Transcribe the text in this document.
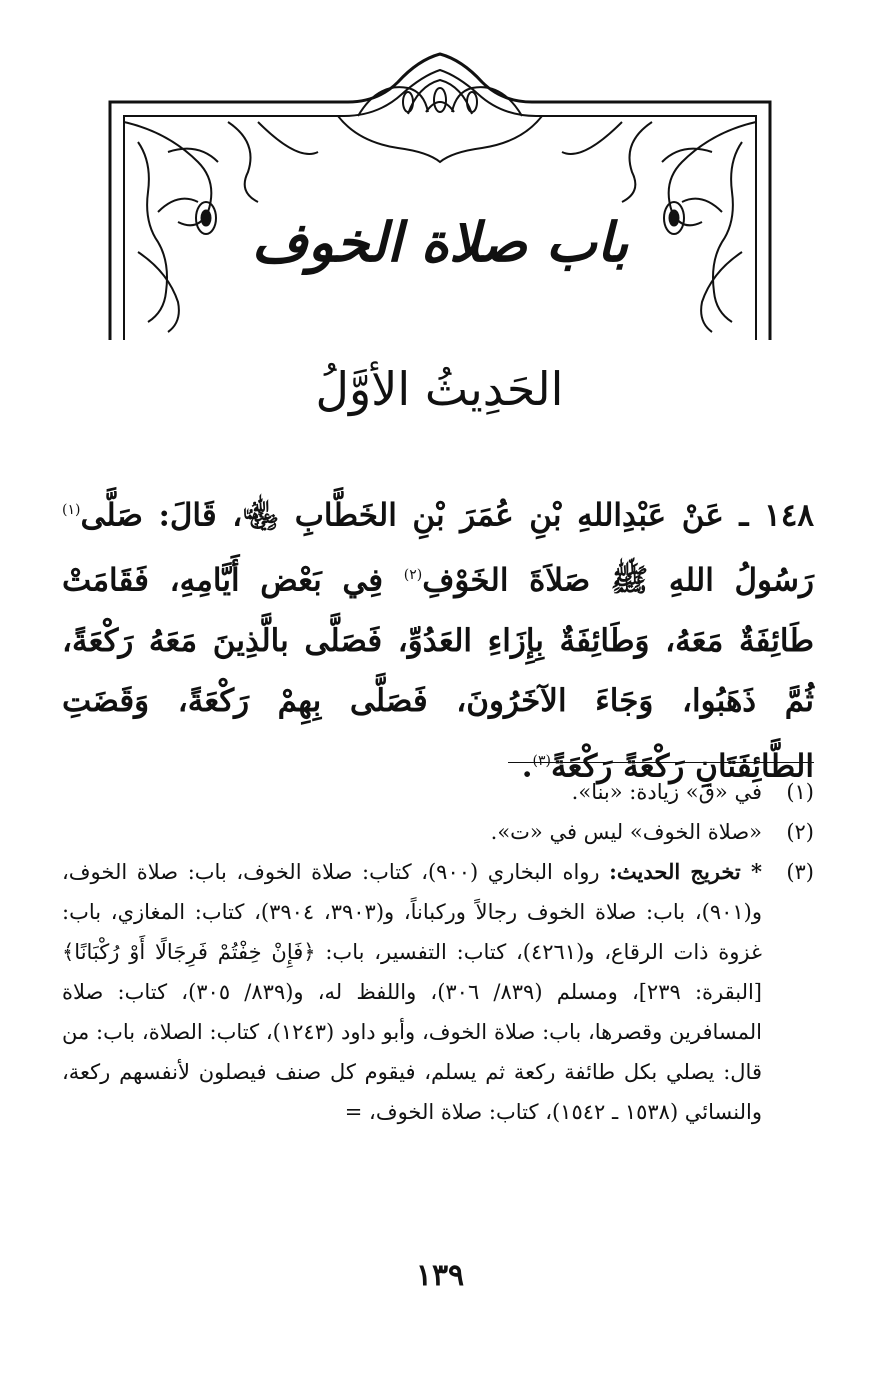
باب صلاة الخوف
الحَدِيثُ الأوَّلُ
١٤٨ ـ عَنْ عَبْدِاللهِ بْنِ عُمَرَ بْنِ الخَطَّابِ ﵄، قَالَ: صَلَّى$^{(١)}$ رَسُولُ اللهِ ﷺ صَلاَةَ الخَوْفِ$^{(٢)}$ فِي بَعْض أَيَّامِهِ، فَقَامَتْ طَائِفَةٌ مَعَهُ، وَطَائِفَةٌ بِإِزَاءِ العَدُوِّ، فَصَلَّى بالَّذِينَ مَعَهُ رَكْعَةً، ثُمَّ ذَهَبُوا، وَجَاءَ الآخَرُونَ، فَصَلَّى بِهِمْ رَكْعَةً، وَقَضَتِ الطَّائِفَتَانِ رَكْعَةً رَكْعَةً$^{(٣)}$.
(١)
في «ق» زيادة: «بنا».
(٢)
«صلاة الخوف» ليس في «ت».
(٣)
* تخريج الحديث: رواه البخاري (٩٠٠)، كتاب: صلاة الخوف، باب: صلاة الخوف، و(٩٠١)، باب: صلاة الخوف رجالاً وركباناً، و(٣٩٠٣، ٣٩٠٤)، كتاب: المغازي، باب: غزوة ذات الرقاع، و(٤٢٦١)، كتاب: التفسير، باب: ﴿فَإِنْ خِفْتُمْ فَرِجَالًا أَوْ رُكْبَانًا﴾[البقرة: ٢٣٩]، ومسلم (٨٣٩/ ٣٠٦)، واللفظ له، و(٨٣٩/ ٣٠٥)، كتاب: صلاة المسافرين وقصرها، باب: صلاة الخوف، وأبو داود (١٢٤٣)، كتاب: الصلاة، باب: من قال: يصلي بكل طائفة ركعة ثم يسلم، فيقوم كل صنف فيصلون لأنفسهم ركعة، والنسائي (١٥٣٨ ـ ١٥٤٢)، كتاب: صلاة الخوف، =
١٣٩
